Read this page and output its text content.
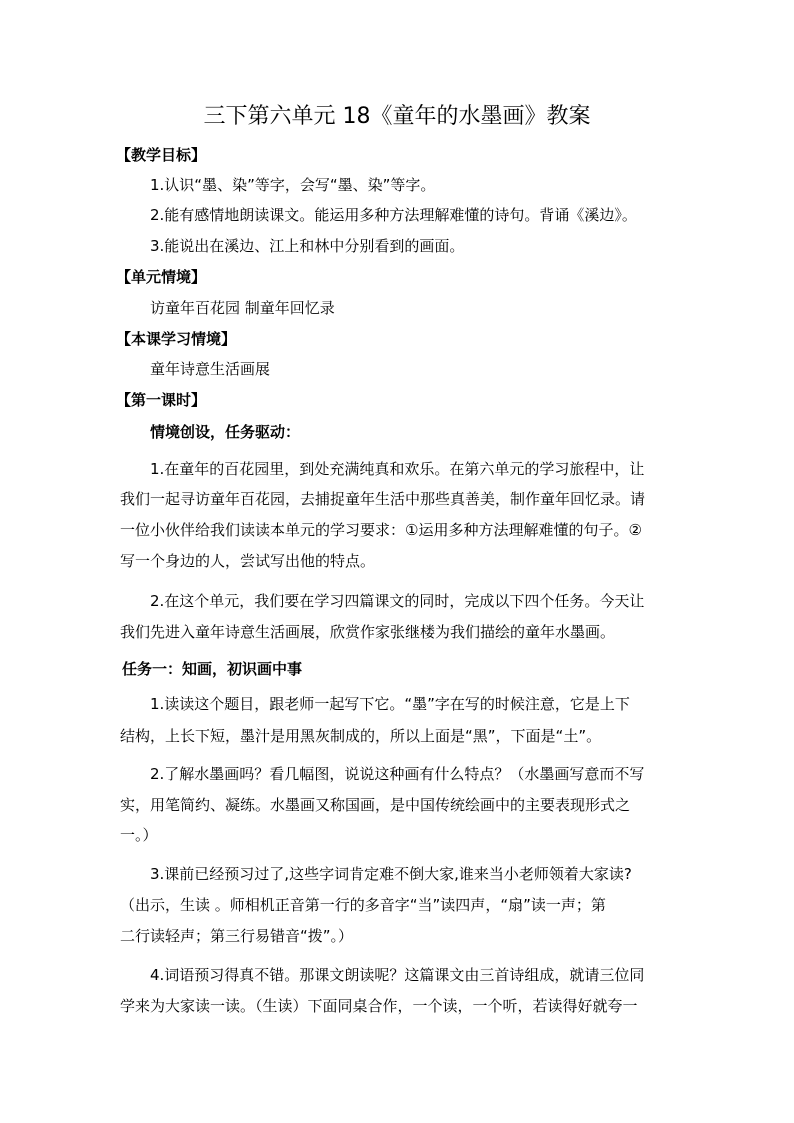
三下第六单元 18《童年的水墨画》教案
【教学目标】
1.认识“墨、染”等字，会写“墨、染”等字。
2.能有感情地朗读课文。能运用多种方法理解难懂的诗句。背诵《溪边》。
3.能说出在溪边、江上和林中分别看到的画面。
【单元情境】
访童年百花园 制童年回忆录
【本课学习情境】
童年诗意生活画展
【第一课时】
情境创设，任务驱动：
1.在童年的百花园里，到处充满纯真和欢乐。在第六单元的学习旅程中，让
我们一起寻访童年百花园，去捕捉童年生活中那些真善美，制作童年回忆录。请
一位小伙伴给我们读读本单元的学习要求：①运用多种方法理解难懂的句子。②
写一个身边的人，尝试写出他的特点。
2.在这个单元，我们要在学习四篇课文的同时，完成以下四个任务。今天让
我们先进入童年诗意生活画展，欣赏作家张继楼为我们描绘的童年水墨画。
任务一：知画，初识画中事
1.读读这个题目，跟老师一起写下它。“墨”字在写的时候注意，它是上下
结构，上长下短，墨汁是用黑灰制成的，所以上面是“黑”，下面是“土”。
2.了解水墨画吗？看几幅图，说说这种画有什么特点？（水墨画写意而不写
实，用笔简约、凝练。水墨画又称国画，是中国传统绘画中的主要表现形式之
一。）
3.课前已经预习过了,这些字词肯定难不倒大家,谁来当小老师领着大家读?
（出示，生读 。师相机正音第一行的多音字“当”读四声，“扇”读一声；第
二行读轻声；第三行易错音“拨”。）
4.词语预习得真不错。那课文朗读呢？这篇课文由三首诗组成，就请三位同
学来为大家读一读。（生读）下面同桌合作，一个读，一个听，若读得好就夸一
